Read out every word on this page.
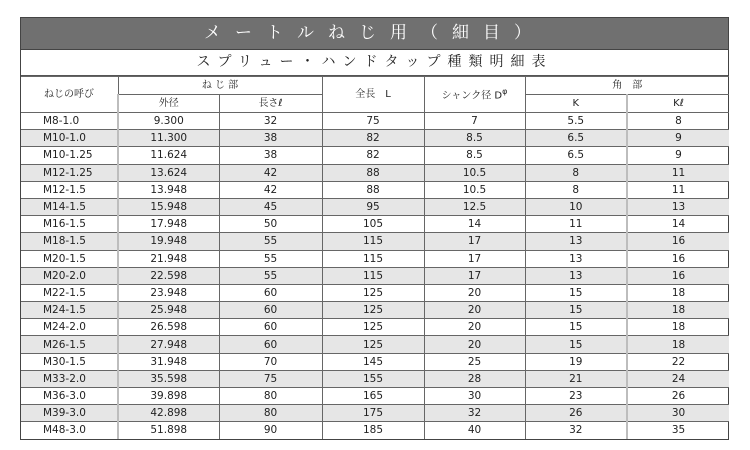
メートルねじ用（細目）
スプリュー・ハンドタップ種類明細表
ねじの呼び	ね じ 部		全長　L	シャンク径 $D^\varphi$	角　部	
	外径	長さℓ			K	Kℓ
M8-1.0	9.300	32	75	7	5.5	8
M10-1.0	11.300	38	82	8.5	6.5	9
M10-1.25	11.624	38	82	8.5	6.5	9
M12-1.25	13.624	42	88	10.5	8	11
M12-1.5	13.948	42	88	10.5	8	11
M14-1.5	15.948	45	95	12.5	10	13
M16-1.5	17.948	50	105	14	11	14
M18-1.5	19.948	55	115	17	13	16
M20-1.5	21.948	55	115	17	13	16
M20-2.0	22.598	55	115	17	13	16
M22-1.5	23.948	60	125	20	15	18
M24-1.5	25.948	60	125	20	15	18
M24-2.0	26.598	60	125	20	15	18
M26-1.5	27.948	60	125	20	15	18
M30-1.5	31.948	70	145	25	19	22
M33-2.0	35.598	75	155	28	21	24
M36-3.0	39.898	80	165	30	23	26
M39-3.0	42.898	80	175	32	26	30
M48-3.0	51.898	90	185	40	32	35
